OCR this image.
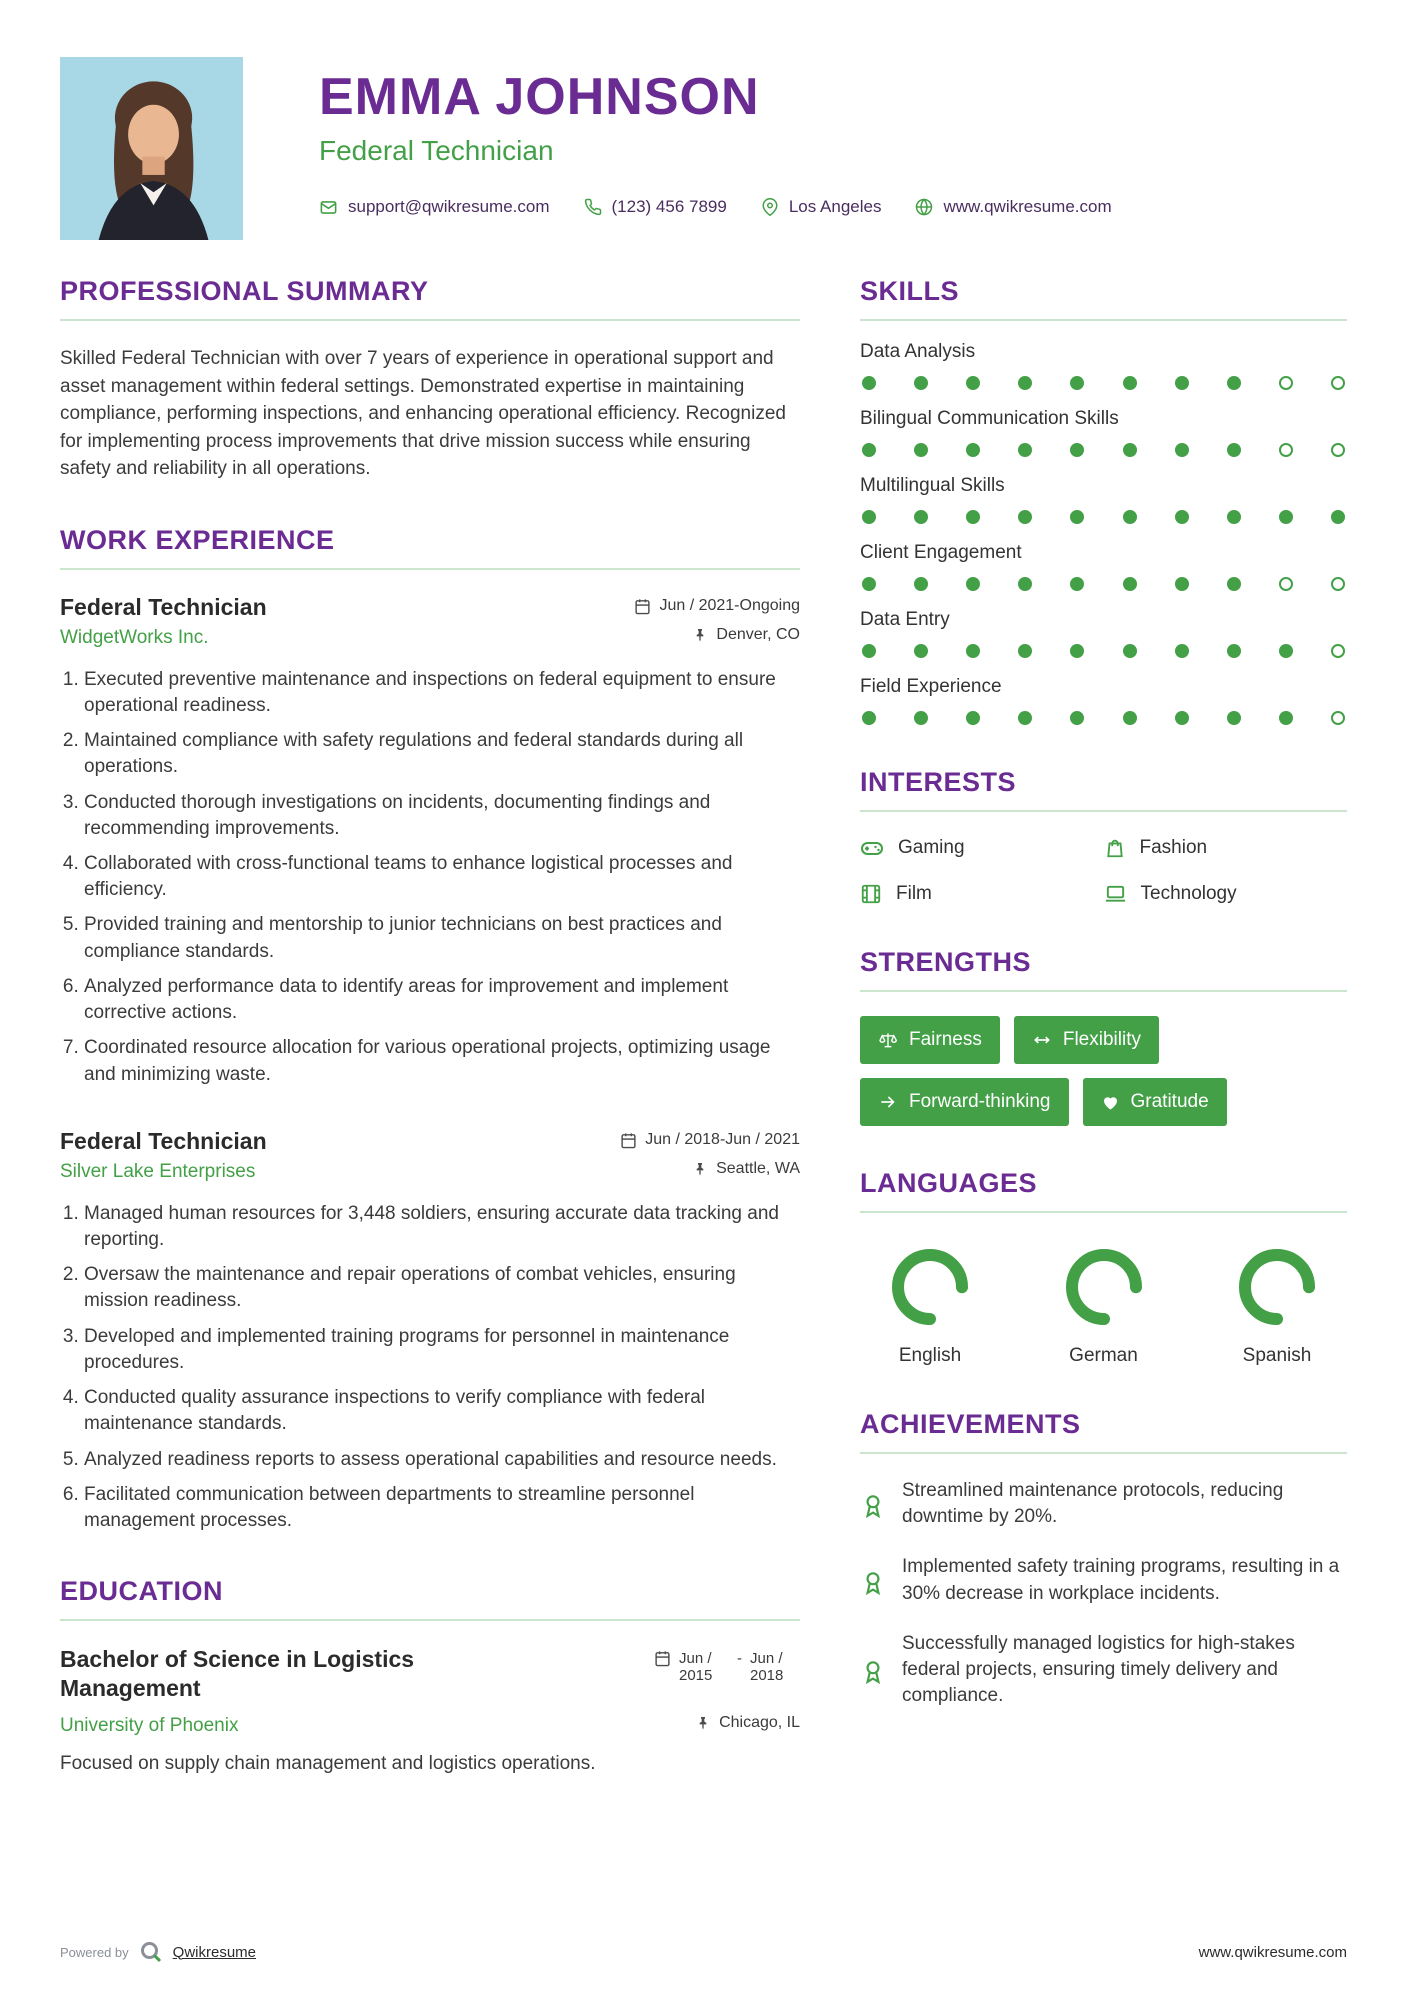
EMMA JOHNSON
Federal Technician
support@qwikresume.com	(123) 456 7899	Los Angeles	www.qwikresume.com
PROFESSIONAL SUMMARY

Skilled Federal Technician with over 7 years of experience in operational support and asset management within federal settings. Demonstrated expertise in maintaining compliance, performing inspections, and enhancing operational efficiency. Recognized for implementing process improvements that drive mission success while ensuring safety and reliability in all operations.

WORK EXPERIENCE
Federal Technician	Jun / 2021-Ongoing
WidgetWorks Inc.	Denver, CO
1. Executed preventive maintenance and inspections on federal equipment to ensure operational readiness.
2. Maintained compliance with safety regulations and federal standards during all operations.
3. Conducted thorough investigations on incidents, documenting findings and recommending improvements.
4. Collaborated with cross-functional teams to enhance logistical processes and efficiency.
5. Provided training and mentorship to junior technicians on best practices and compliance standards.
6. Analyzed performance data to identify areas for improvement and implement corrective actions.
7. Coordinated resource allocation for various operational projects, optimizing usage and minimizing waste.
Federal Technician	Jun / 2018-Jun / 2021
Silver Lake Enterprises	Seattle, WA
1. Managed human resources for 3,448 soldiers, ensuring accurate data tracking and reporting.
2. Oversaw the maintenance and repair operations of combat vehicles, ensuring mission readiness.
3. Developed and implemented training programs for personnel in maintenance procedures.
4. Conducted quality assurance inspections to verify compliance with federal maintenance standards.
5. Analyzed readiness reports to assess operational capabilities and resource needs.
6. Facilitated communication between departments to streamline personnel management processes.
EDUCATION
Bachelor of Science in Logistics Management
Jun / 2015
- Jun / 2018
University of Phoenix	Chicago, IL

Focused on supply chain management and logistics operations.

SKILLS
Data Analysis
Bilingual Communication Skills
Multilingual Skills
Client Engagement
Data Entry
Field Experience
INTERESTS
Gaming	Fashion
Film	Technology
STRENGTHS
Fairness	Flexibility
Forward-thinking	Gratitude
LANGUAGES
English	German	Spanish
ACHIEVEMENTS
Streamlined maintenance protocols, reducing downtime by 20%.
Implemented safety training programs, resulting in a 30% decrease in workplace incidents.
Successfully managed logistics for high-stakes federal projects, ensuring timely delivery and compliance.
Powered by	Qwikresume	www.qwikresume.com
